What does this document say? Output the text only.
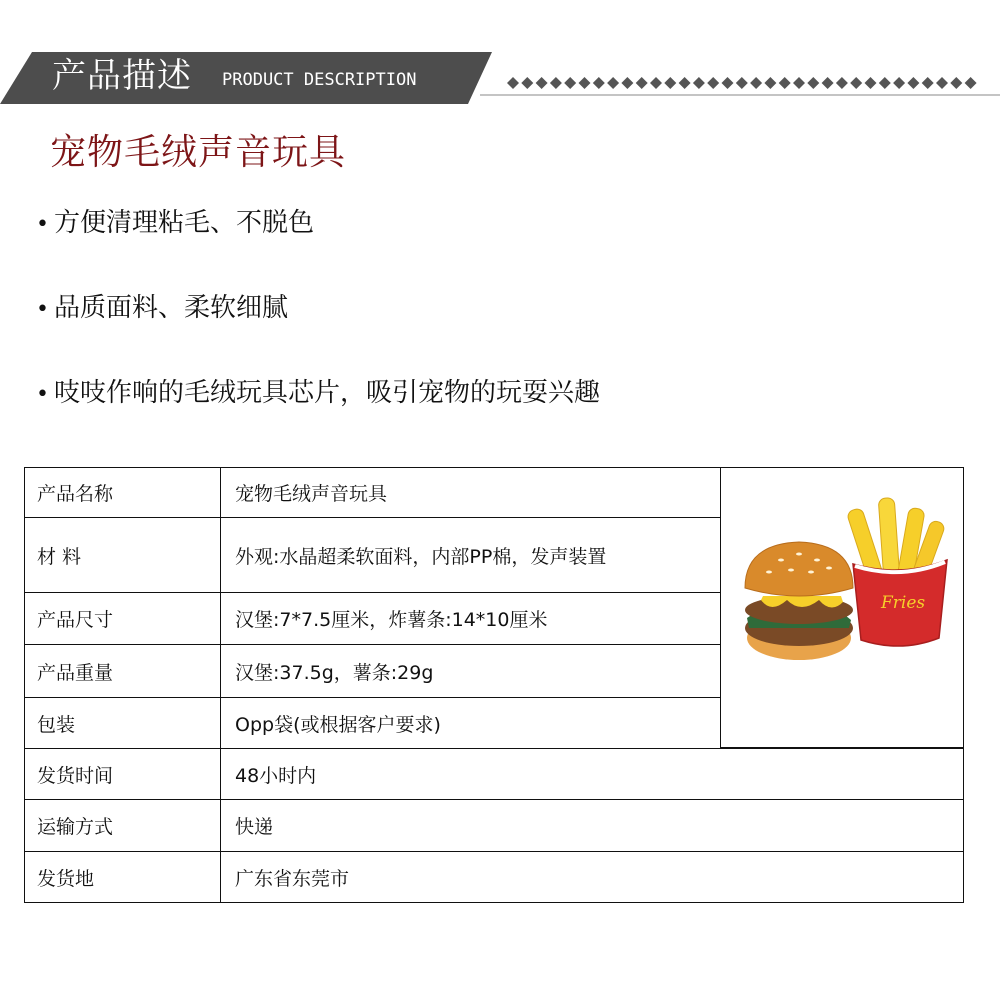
产品描述 PRODUCT DESCRIPTION
宠物毛绒声音玩具
• 方便清理粘毛、不脱色
• 品质面料、柔软细腻
• 吱吱作响的毛绒玩具芯片，吸引宠物的玩耍兴趣
产品名称	宠物毛绒声音玩具
材 料	外观:水晶超柔软面料，内部PP棉，发声装置
产品尺寸	汉堡:7*7.5厘米，炸薯条:14*10厘米
产品重量	汉堡:37.5g，薯条:29g
包装	Opp袋(或根据客户要求)
发货时间	48小时内
运输方式	快递
发货地	广东省东莞市
Fries
